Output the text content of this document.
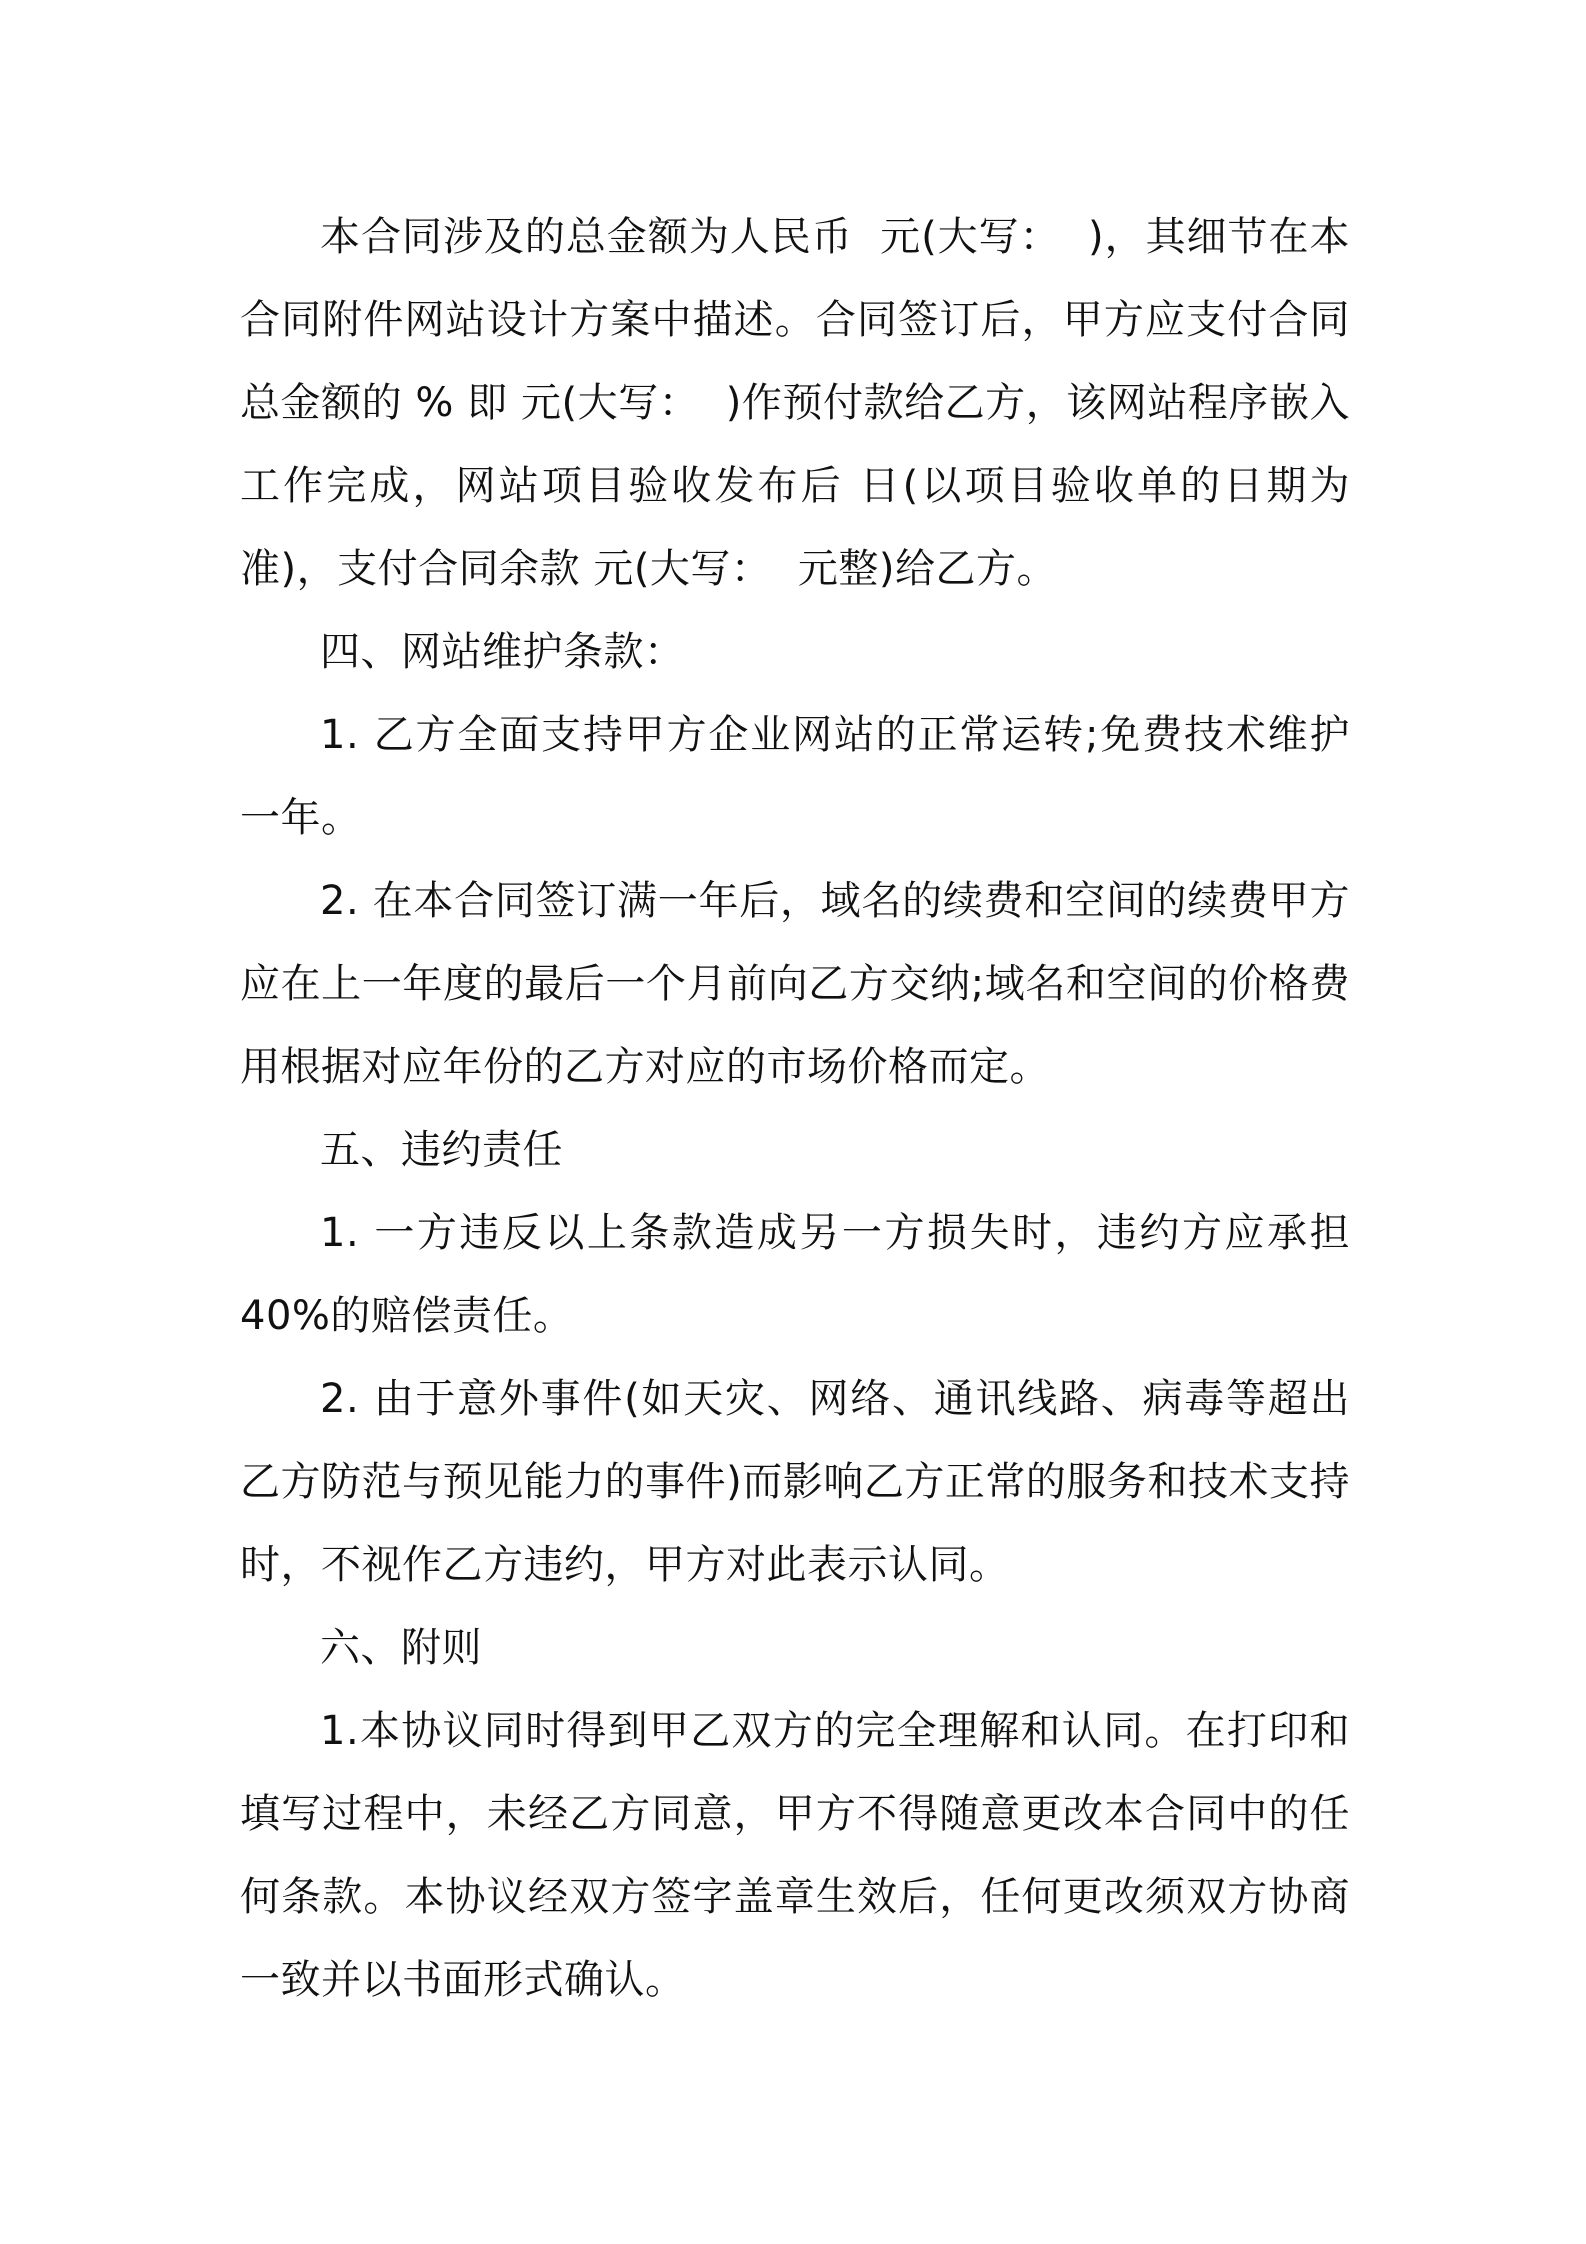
本合同涉及的总金额为人民币  元(大写：  )，其细节在本合同附件网站设计方案中描述。合同签订后，甲方应支付合同总金额的 % 即 元(大写：  )作预付款给乙方，该网站程序嵌入工作完成，网站项目验收发布后 日(以项目验收单的日期为准)，支付合同余款 元(大写：  元整)给乙方。

四、网站维护条款：

1. 乙方全面支持甲方企业网站的正常运转;免费技术维护一年。

2. 在本合同签订满一年后，域名的续费和空间的续费甲方应在上一年度的最后一个月前向乙方交纳;域名和空间的价格费用根据对应年份的乙方对应的市场价格而定。

五、违约责任

1. 一方违反以上条款造成另一方损失时，违约方应承担40%的赔偿责任。

2. 由于意外事件(如天灾、网络、通讯线路、病毒等超出乙方防范与预见能力的事件)而影响乙方正常的服务和技术支持时，不视作乙方违约，甲方对此表示认同。

六、附则

1.本协议同时得到甲乙双方的完全理解和认同。在打印和填写过程中，未经乙方同意，甲方不得随意更改本合同中的任何条款。本协议经双方签字盖章生效后，任何更改须双方协商一致并以书面形式确认。
